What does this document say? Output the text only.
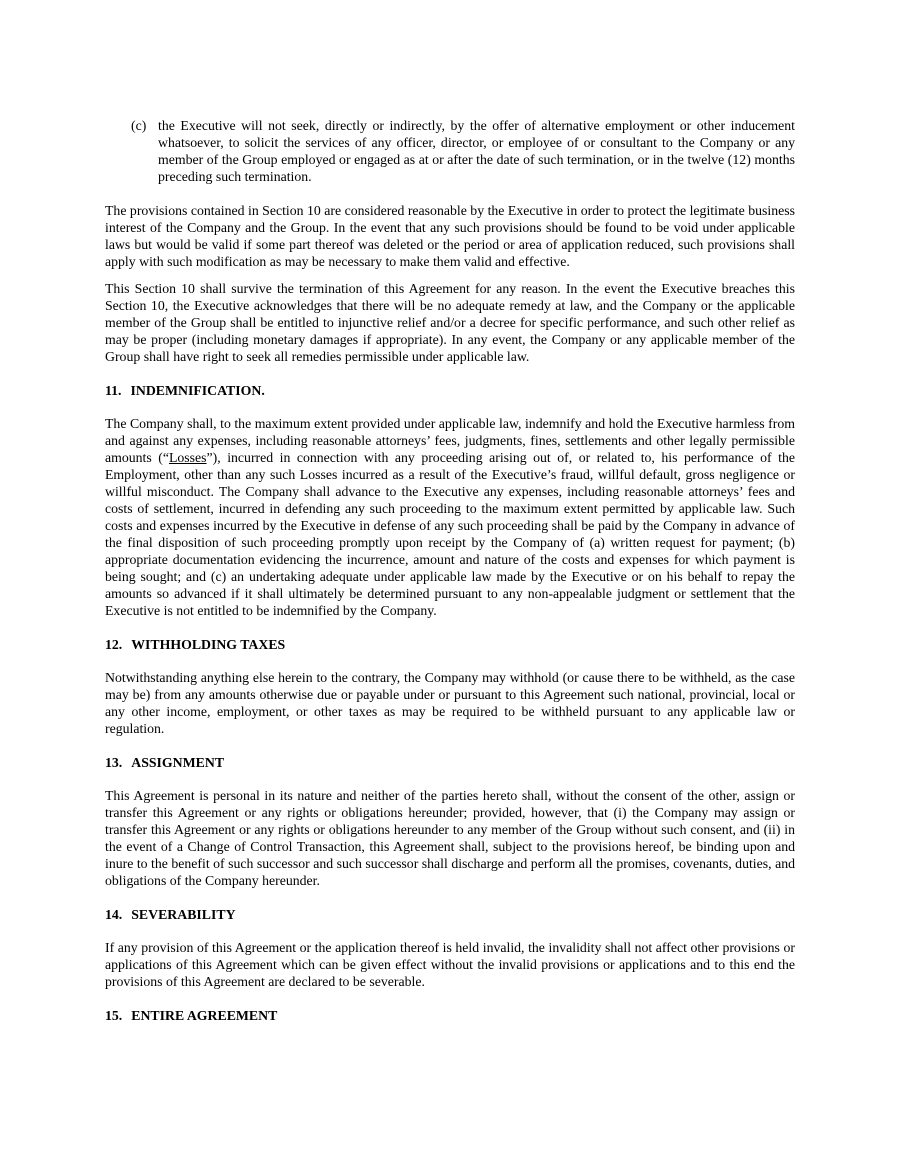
(c) the Executive will not seek, directly or indirectly, by the offer of alternative employment or other inducement whatsoever, to solicit the services of any officer, director, or employee of or consultant to the Company or any member of the Group employed or engaged as at or after the date of such termination, or in the twelve (12) months preceding such termination.

The provisions contained in Section 10 are considered reasonable by the Executive in order to protect the legitimate business interest of the Company and the Group. In the event that any such provisions should be found to be void under applicable laws but would be valid if some part thereof was deleted or the period or area of application reduced, such provisions shall apply with such modification as may be necessary to make them valid and effective.

This Section 10 shall survive the termination of this Agreement for any reason. In the event the Executive breaches this Section 10, the Executive acknowledges that there will be no adequate remedy at law, and the Company or the applicable member of the Group shall be entitled to injunctive relief and/or a decree for specific performance, and such other relief as may be proper (including monetary damages if appropriate). In any event, the Company or any applicable member of the Group shall have right to seek all remedies permissible under applicable law.

11. INDEMNIFICATION.

The Company shall, to the maximum extent provided under applicable law, indemnify and hold the Executive harmless from and against any expenses, including reasonable attorneys’ fees, judgments, fines, settlements and other legally permissible amounts (“Losses”), incurred in connection with any proceeding arising out of, or related to, his performance of the Employment, other than any such Losses incurred as a result of the Executive’s fraud, willful default, gross negligence or willful misconduct. The Company shall advance to the Executive any expenses, including reasonable attorneys’ fees and costs of settlement, incurred in defending any such proceeding to the maximum extent permitted by applicable law. Such costs and expenses incurred by the Executive in defense of any such proceeding shall be paid by the Company in advance of the final disposition of such proceeding promptly upon receipt by the Company of (a) written request for payment; (b) appropriate documentation evidencing the incurrence, amount and nature of the costs and expenses for which payment is being sought; and (c) an undertaking adequate under applicable law made by the Executive or on his behalf to repay the amounts so advanced if it shall ultimately be determined pursuant to any non-appealable judgment or settlement that the Executive is not entitled to be indemnified by the Company.

12. WITHHOLDING TAXES

Notwithstanding anything else herein to the contrary, the Company may withhold (or cause there to be withheld, as the case may be) from any amounts otherwise due or payable under or pursuant to this Agreement such national, provincial, local or any other income, employment, or other taxes as may be required to be withheld pursuant to any applicable law or regulation.

13. ASSIGNMENT

This Agreement is personal in its nature and neither of the parties hereto shall, without the consent of the other, assign or transfer this Agreement or any rights or obligations hereunder; provided, however, that (i) the Company may assign or transfer this Agreement or any rights or obligations hereunder to any member of the Group without such consent, and (ii) in the event of a Change of Control Transaction, this Agreement shall, subject to the provisions hereof, be binding upon and inure to the benefit of such successor and such successor shall discharge and perform all the promises, covenants, duties, and obligations of the Company hereunder.

14. SEVERABILITY

If any provision of this Agreement or the application thereof is held invalid, the invalidity shall not affect other provisions or applications of this Agreement which can be given effect without the invalid provisions or applications and to this end the provisions of this Agreement are declared to be severable.

15. ENTIRE AGREEMENT
